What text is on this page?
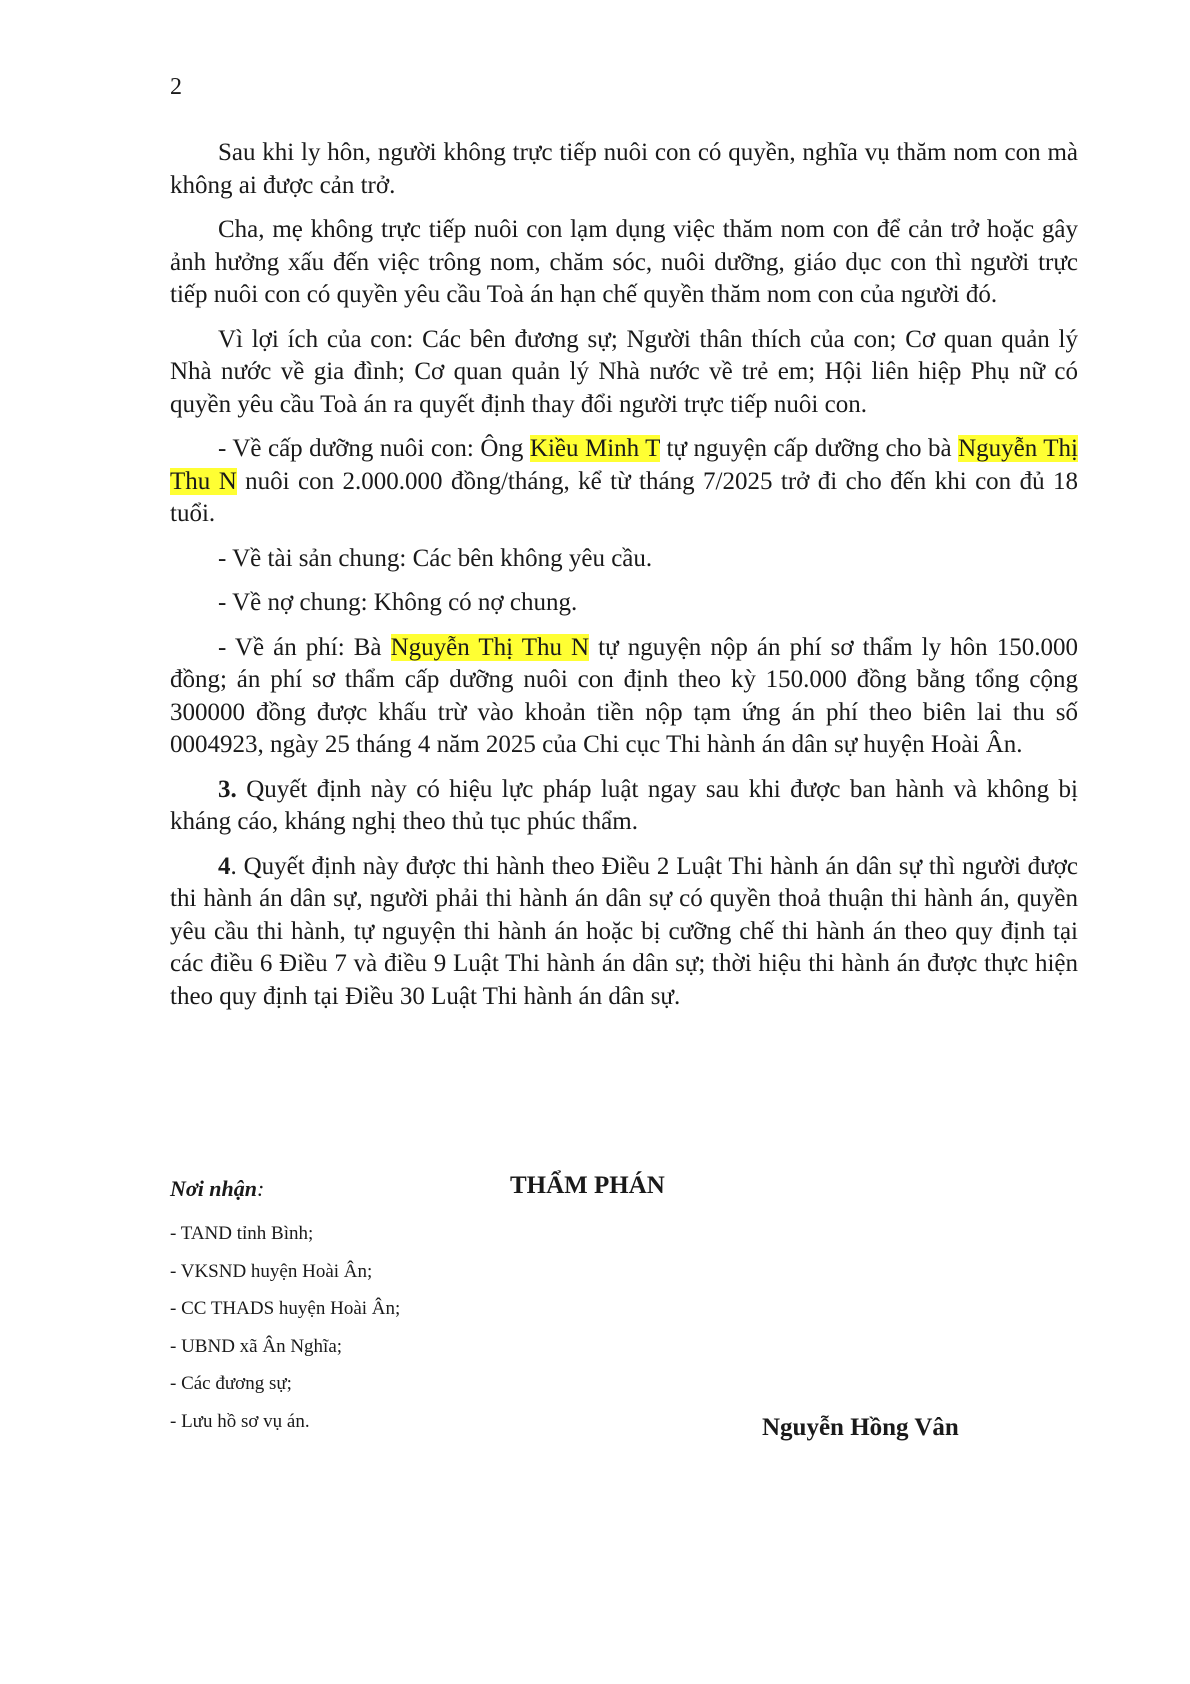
2

Sau khi ly hôn, người không trực tiếp nuôi con có quyền, nghĩa vụ thăm nom con mà không ai được cản trở.

Cha, mẹ không trực tiếp nuôi con lạm dụng việc thăm nom con để cản trở hoặc gây ảnh hưởng xấu đến việc trông nom, chăm sóc, nuôi dưỡng, giáo dục con thì người trực tiếp nuôi con có quyền yêu cầu Toà án hạn chế quyền thăm nom con của người đó.

Vì lợi ích của con: Các bên đương sự; Người thân thích của con; Cơ quan quản lý Nhà nước về gia đình; Cơ quan quản lý Nhà nước về trẻ em; Hội liên hiệp Phụ nữ có quyền yêu cầu Toà án ra quyết định thay đổi người trực tiếp nuôi con.

- Về cấp dưỡng nuôi con: Ông Kiều Minh T tự nguyện cấp dưỡng cho bà Nguyễn Thị Thu N nuôi con 2.000.000 đồng/tháng, kể từ tháng 7/2025 trở đi cho đến khi con đủ 18 tuổi.

- Về tài sản chung: Các bên không yêu cầu.

- Về nợ chung: Không có nợ chung.

- Về án phí: Bà Nguyễn Thị Thu N tự nguyện nộp án phí sơ thẩm ly hôn 150.000 đồng; án phí sơ thẩm cấp dưỡng nuôi con định theo kỳ 150.000 đồng bằng tổng cộng 300000 đồng được khấu trừ vào khoản tiền nộp tạm ứng án phí theo biên lai thu số 0004923, ngày 25 tháng 4 năm 2025 của Chi cục Thi hành án dân sự huyện Hoài Ân.

3. Quyết định này có hiệu lực pháp luật ngay sau khi được ban hành và không bị kháng cáo, kháng nghị theo thủ tục phúc thẩm.

4. Quyết định này được thi hành theo Điều 2 Luật Thi hành án dân sự thì người được thi hành án dân sự, người phải thi hành án dân sự có quyền thoả thuận thi hành án, quyền yêu cầu thi hành, tự nguyện thi hành án hoặc bị cưỡng chế thi hành án theo quy định tại các điều 6 Điều 7 và điều 9 Luật Thi hành án dân sự; thời hiệu thi hành án được thực hiện theo quy định tại Điều 30 Luật Thi hành án dân sự.

Nơi nhận:
- TAND tỉnh Bình;
- VKSND huyện Hoài Ân;
- CC THADS huyện Hoài Ân;
- UBND xã Ân Nghĩa;
- Các đương sự;
- Lưu hồ sơ vụ án.
THẨM PHÁN
Nguyễn Hồng Vân
